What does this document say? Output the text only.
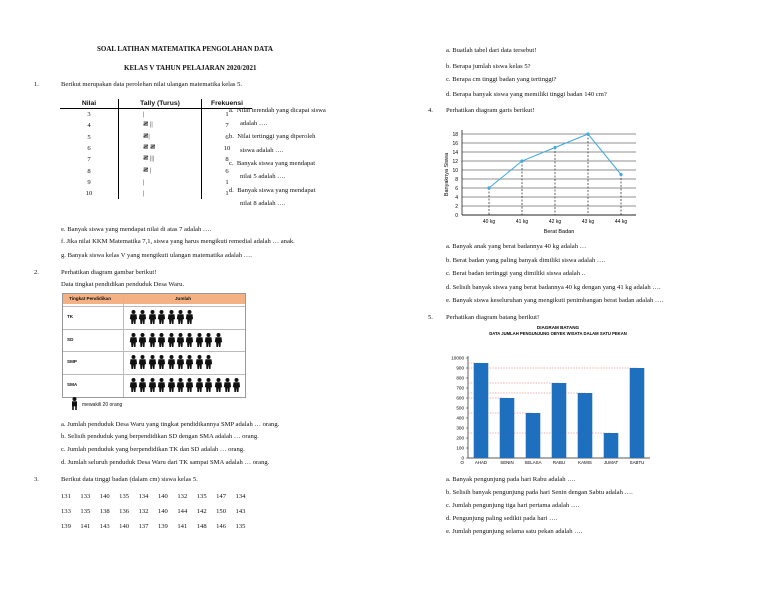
SOAL LATIHAN MATEMATIKA PENGOLAHAN DATA
KELAS V TAHUN PELAJARAN 2020/2021
1.	Berikut merupakan data perolehan nilai ulangan matematika kelas 5.
Nilai	Tally (Turus)	Frekuensi
3	|	1
4	𝍸 ||	7
5	𝍸|	6
6	𝍸 𝍸	10
7	𝍸 |||	8
8	𝍸 |	6
9	|	1
10	|	1
a. Nilai terendah yang dicapai siswa
adalah ….
b. Nilai tertinggi yang diperoleh
siswa adalah ….
c. Banyak siswa yang mendapat
nilai 5 adalah ….
d. Banyak siswa yang mendapat
nilai 8 adalah ….
e. Banyak siswa yang mendapat nilai di atas 7 adalah ….
f. Jika nilai KKM Matematika 7,1, siswa yang harus mengikuti remedial adalah … anak.
g. Banyak siswa kelas V yang mengikuti ulangan matematika adalah ….
2.	Perhatikan diagram gambar berikut!
Data tingkat pendidikan penduduk Desa Waru.
Tingkat Pendidikan	Jumlah
TK
SD
SMP
SMA
mewakili 20 orang
a. Jumlah penduduk Desa Waru yang tingkat pendidikannya SMP adalah … orang.
b. Selisih penduduk yang berpendidikan SD dengan SMA adalah … orang.
c. Jumlah penduduk yang berpendidikan TK dan SD adalah … orang.
d. Jumlah seluruh penduduk Desa Waru dari TK sampai SMA adalah … orang.
3.	Berikut data tinggi badan (dalam cm) siswa kelas 5.
131 133 140 135 134 140 132 135 147 134
133 135 138 136 132 140 144 142 150 143
139 141 143 140 137 139 141 148 146 135
a. Buatlah tabel dari data tersebut!
b. Berapa jumlah siswa kelas 5?
c. Berapa cm tinggi badan yang tertinggi?
d. Berapa banyak siswa yang memiliki tinggi badan 140 cm?
4. Perhatikan diagram garis berikut!
0
2
4
6
8
10
12
14
16
18
40 kg	41 kg	42 kg	43 kg	44 kg
Berat Badan
Banyaknya Siswa
a. Banyak anak yang berat badannya 40 kg adalah …
b. Berat badan yang paling banyak dimiliki siswa adalah ….
c. Berat badan tertinggi yang dimiliki siswa adalah ..
d. Selisih banyak siswa yang berat badannya 40 kg dengan yang 41 kg adalah ….
e. Banyak siswa keseluruhan yang mengikuti penimbangan berat badan adalah ….
5. Perhatikan diagram batang berikut!
DIAGRAM BATANG
DATA JUMLAH PENGUNJUNG OBYEK WISATA DALAM SATU PEKAN
0
100
200
300
400
500
600
700
800
900
10000
AHAD	SENIN SELASA	RABU	KAMIS	JUMAT	SABTU
O
a. Banyak pengunjung pada hari Rabu adalah ….
b. Selisih banyak pengunjung pada hari Senin dengan Sabtu adalah ….
c. Jumlah pengunjung tiga hari pertama adalah ….
d. Pengunjung paling sedikit pada hari ….
e. Jumlah pengunjung selama satu pekan adalah ….
